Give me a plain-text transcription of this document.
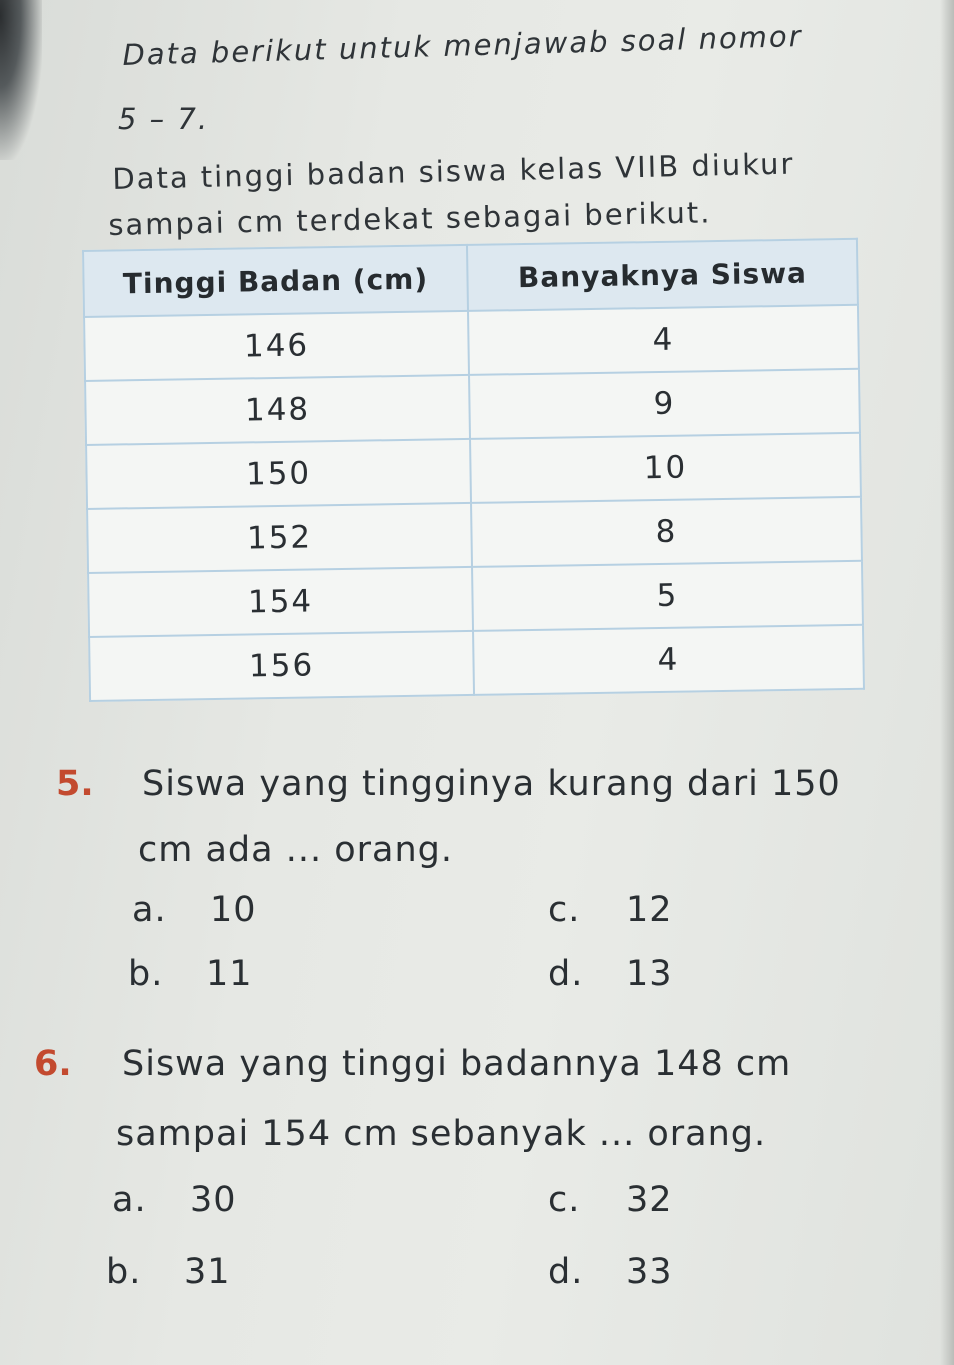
Data berikut untuk menjawab soal nomor
5 – 7.
Data tinggi badan siswa kelas VIIB diukur
sampai cm terdekat sebagai berikut.
Tinggi Badan (cm)	Banyaknya Siswa
146	4
148	9
150	10
152	8
154	5
156	4
5. Siswa yang tingginya kurang dari 150
cm ada ... orang.
a. 10	c. 12
b. 11	d. 13
6. Siswa yang tinggi badannya 148 cm
sampai 154 cm sebanyak ... orang.
a. 30	c. 32
b. 31	d. 33
